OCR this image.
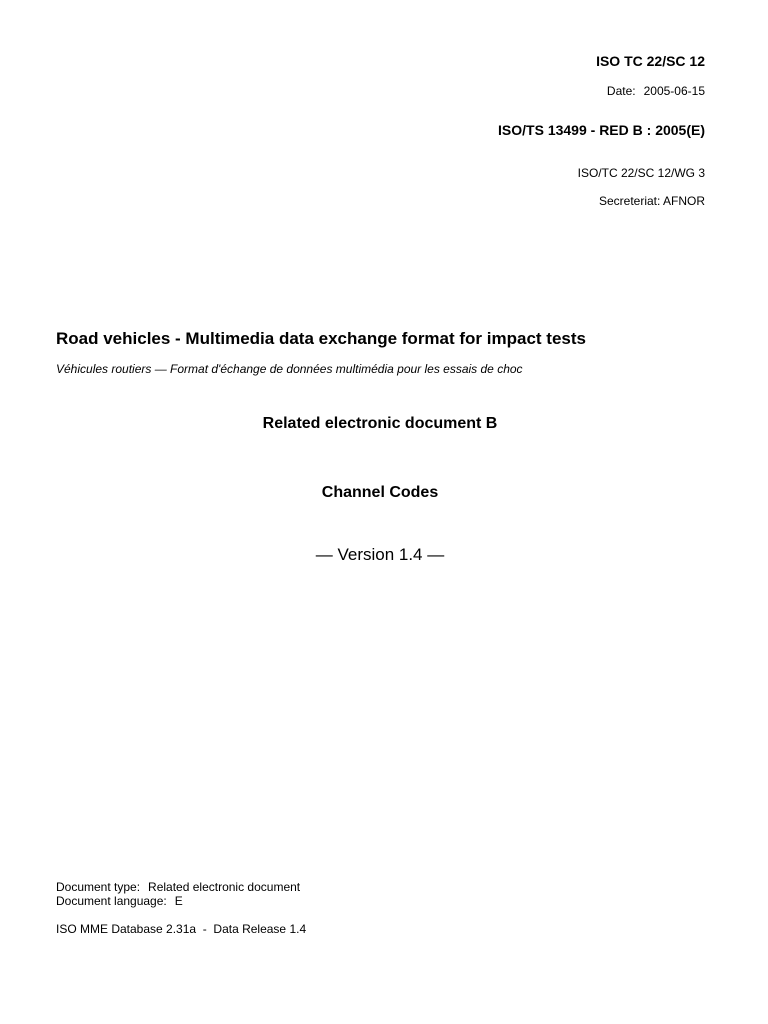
ISO TC 22/SC 12
Date: 2005-06-15
ISO/TS 13499 - RED B : 2005(E)
ISO/TC 22/SC 12/WG 3
Secreteriat: AFNOR
Road vehicles - Multimedia data exchange format for impact tests
Véhicules routiers — Format d'échange de données multimédia pour les essais de choc
Related electronic document B
Channel Codes
— Version 1.4 —
Document type: Related electronic document
Document language: E
ISO MME Database 2.31a  -  Data Release 1.4
